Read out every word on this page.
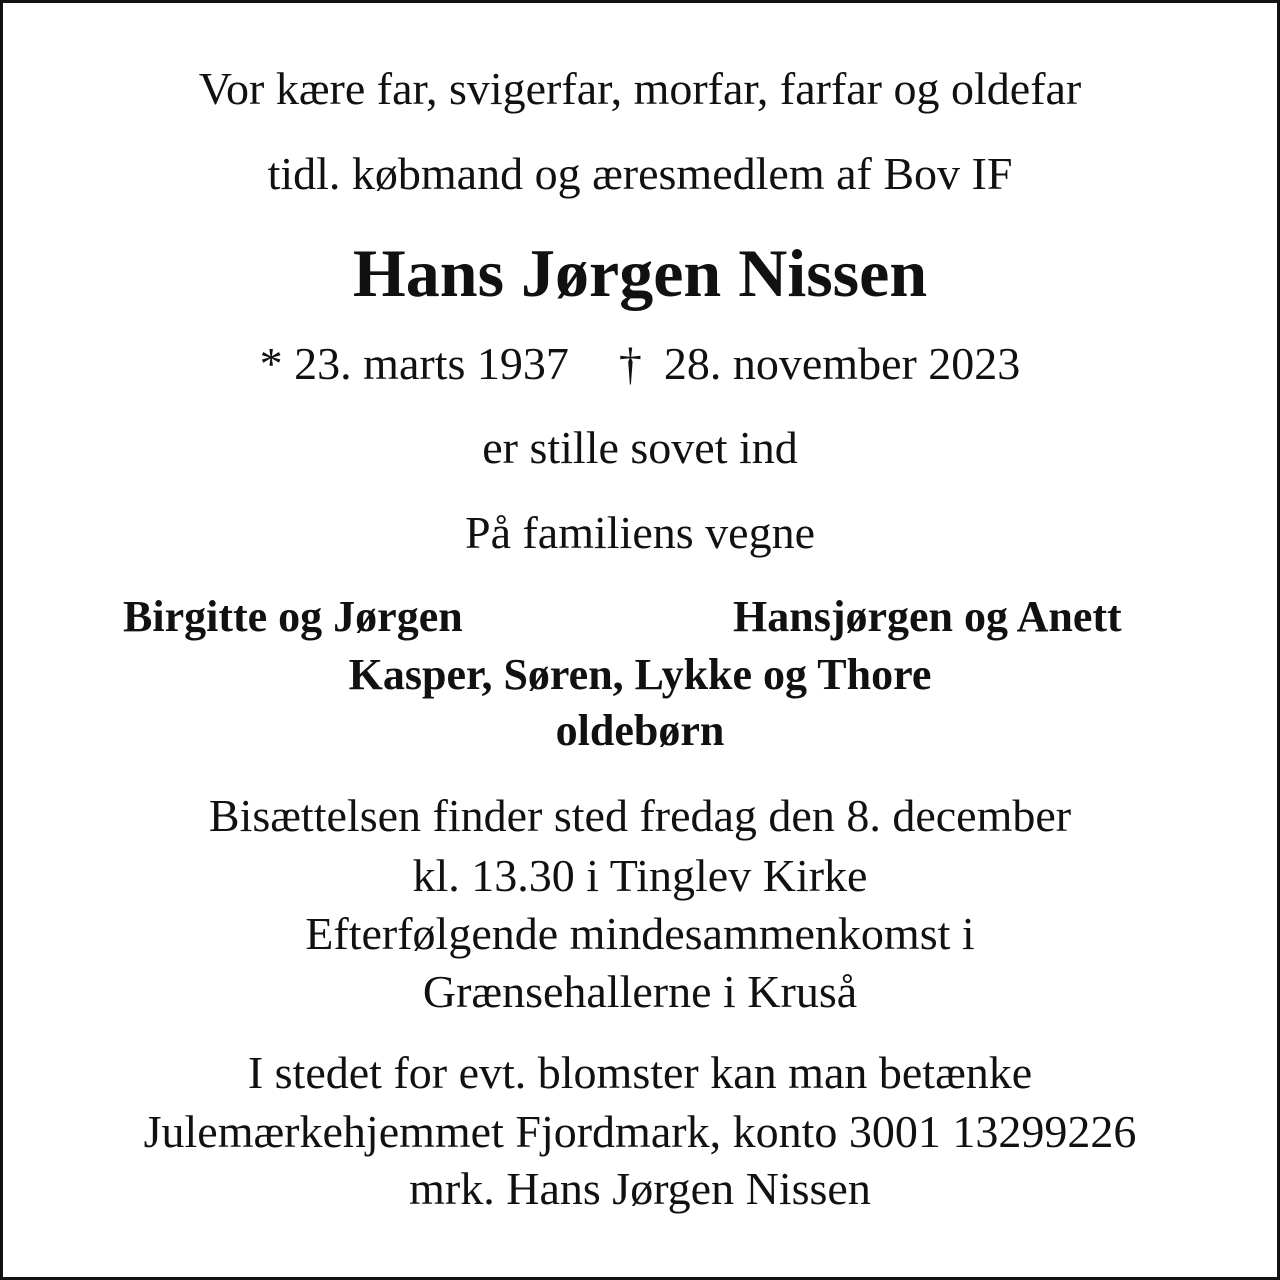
Vor kære far, svigerfar, morfar, farfar og oldefar
tidl. købmand og æresmedlem af Bov IF
Hans Jørgen Nissen
* 23. marts 1937 † 28. november 2023
er stille sovet ind
På familiens vegne
Birgitte og Jørgen	Hansjørgen og Anett
Kasper, Søren, Lykke og Thore
oldebørn
Bisættelsen finder sted fredag den 8. december
kl. 13.30 i Tinglev Kirke
Efterfølgende mindesammenkomst i
Grænsehallerne i Kruså
I stedet for evt. blomster kan man betænke
Julemærkehjemmet Fjordmark, konto 3001 13299226
mrk. Hans Jørgen Nissen
